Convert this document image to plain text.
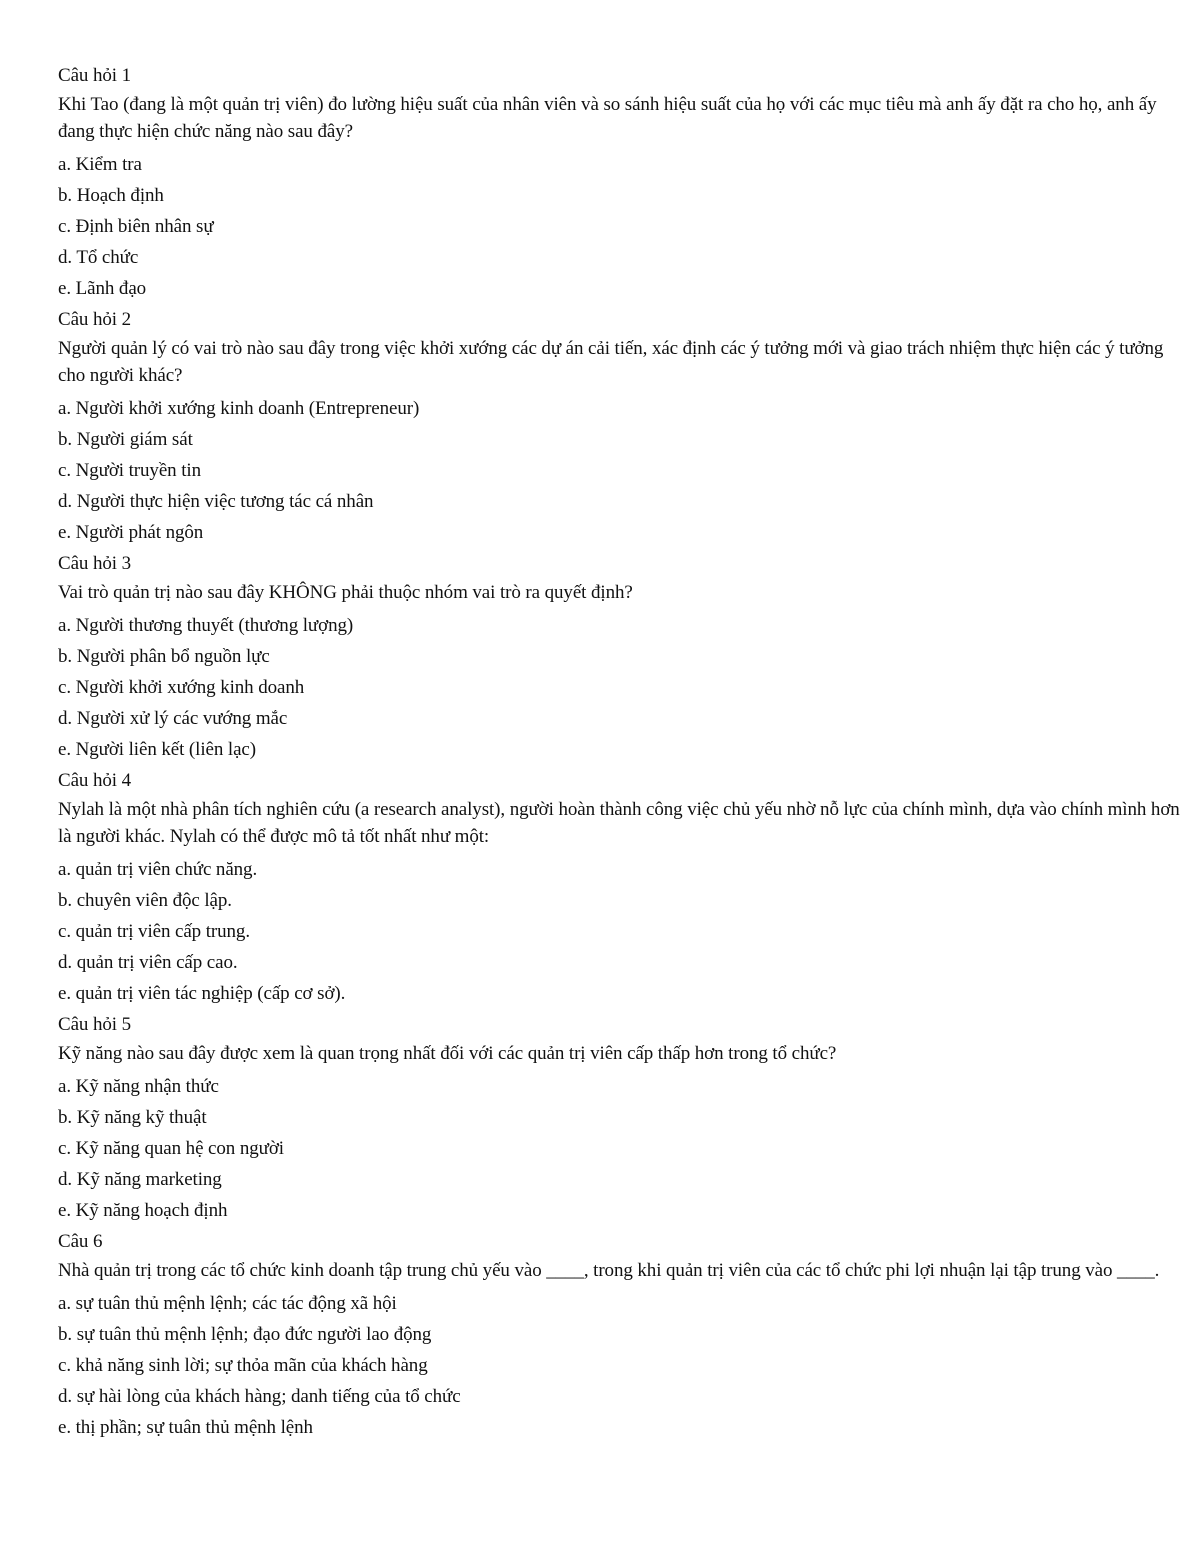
Câu hỏi 1

Khi Tao (đang là một quản trị viên) đo lường hiệu suất của nhân viên và so sánh hiệu suất của họ với các mục tiêu mà anh ấy đặt ra cho họ, anh ấy đang thực hiện chức năng nào sau đây?

a. Kiểm tra
b. Hoạch định
c. Định biên nhân sự
d. Tổ chức
e. Lãnh đạo

Câu hỏi 2

Người quản lý có vai trò nào sau đây trong việc khởi xướng các dự án cải tiến, xác định các ý tưởng mới và giao trách nhiệm thực hiện các ý tưởng cho người khác?

a. Người khởi xướng kinh doanh (Entrepreneur)
b. Người giám sát
c. Người truyền tin
d. Người thực hiện việc tương tác cá nhân
e. Người phát ngôn

Câu hỏi 3

Vai trò quản trị nào sau đây KHÔNG phải thuộc nhóm vai trò ra quyết định?

a. Người thương thuyết (thương lượng)
b. Người phân bổ nguồn lực
c. Người khởi xướng kinh doanh
d. Người xử lý các vướng mắc
e. Người liên kết (liên lạc)

Câu hỏi 4

Nylah là một nhà phân tích nghiên cứu (a research analyst), người hoàn thành công việc chủ yếu nhờ nỗ lực của chính mình, dựa vào chính mình hơn là người khác. Nylah có thể được mô tả tốt nhất như một:

a. quản trị viên chức năng.
b. chuyên viên độc lập.
c. quản trị viên cấp trung.
d. quản trị viên cấp cao.
e. quản trị viên tác nghiệp (cấp cơ sở).

Câu hỏi 5

Kỹ năng nào sau đây được xem là quan trọng nhất đối với các quản trị viên cấp thấp hơn trong tổ chức?

a. Kỹ năng nhận thức
b. Kỹ năng kỹ thuật
c. Kỹ năng quan hệ con người
d. Kỹ năng marketing
e. Kỹ năng hoạch định

Câu 6

Nhà quản trị trong các tổ chức kinh doanh tập trung chủ yếu vào ____, trong khi quản trị viên của các tổ chức phi lợi nhuận lại tập trung vào ____.

a. sự tuân thủ mệnh lệnh; các tác động xã hội
b. sự tuân thủ mệnh lệnh; đạo đức người lao động
c. khả năng sinh lời; sự thỏa mãn của khách hàng
d. sự hài lòng của khách hàng; danh tiếng của tổ chức
e. thị phần; sự tuân thủ mệnh lệnh
